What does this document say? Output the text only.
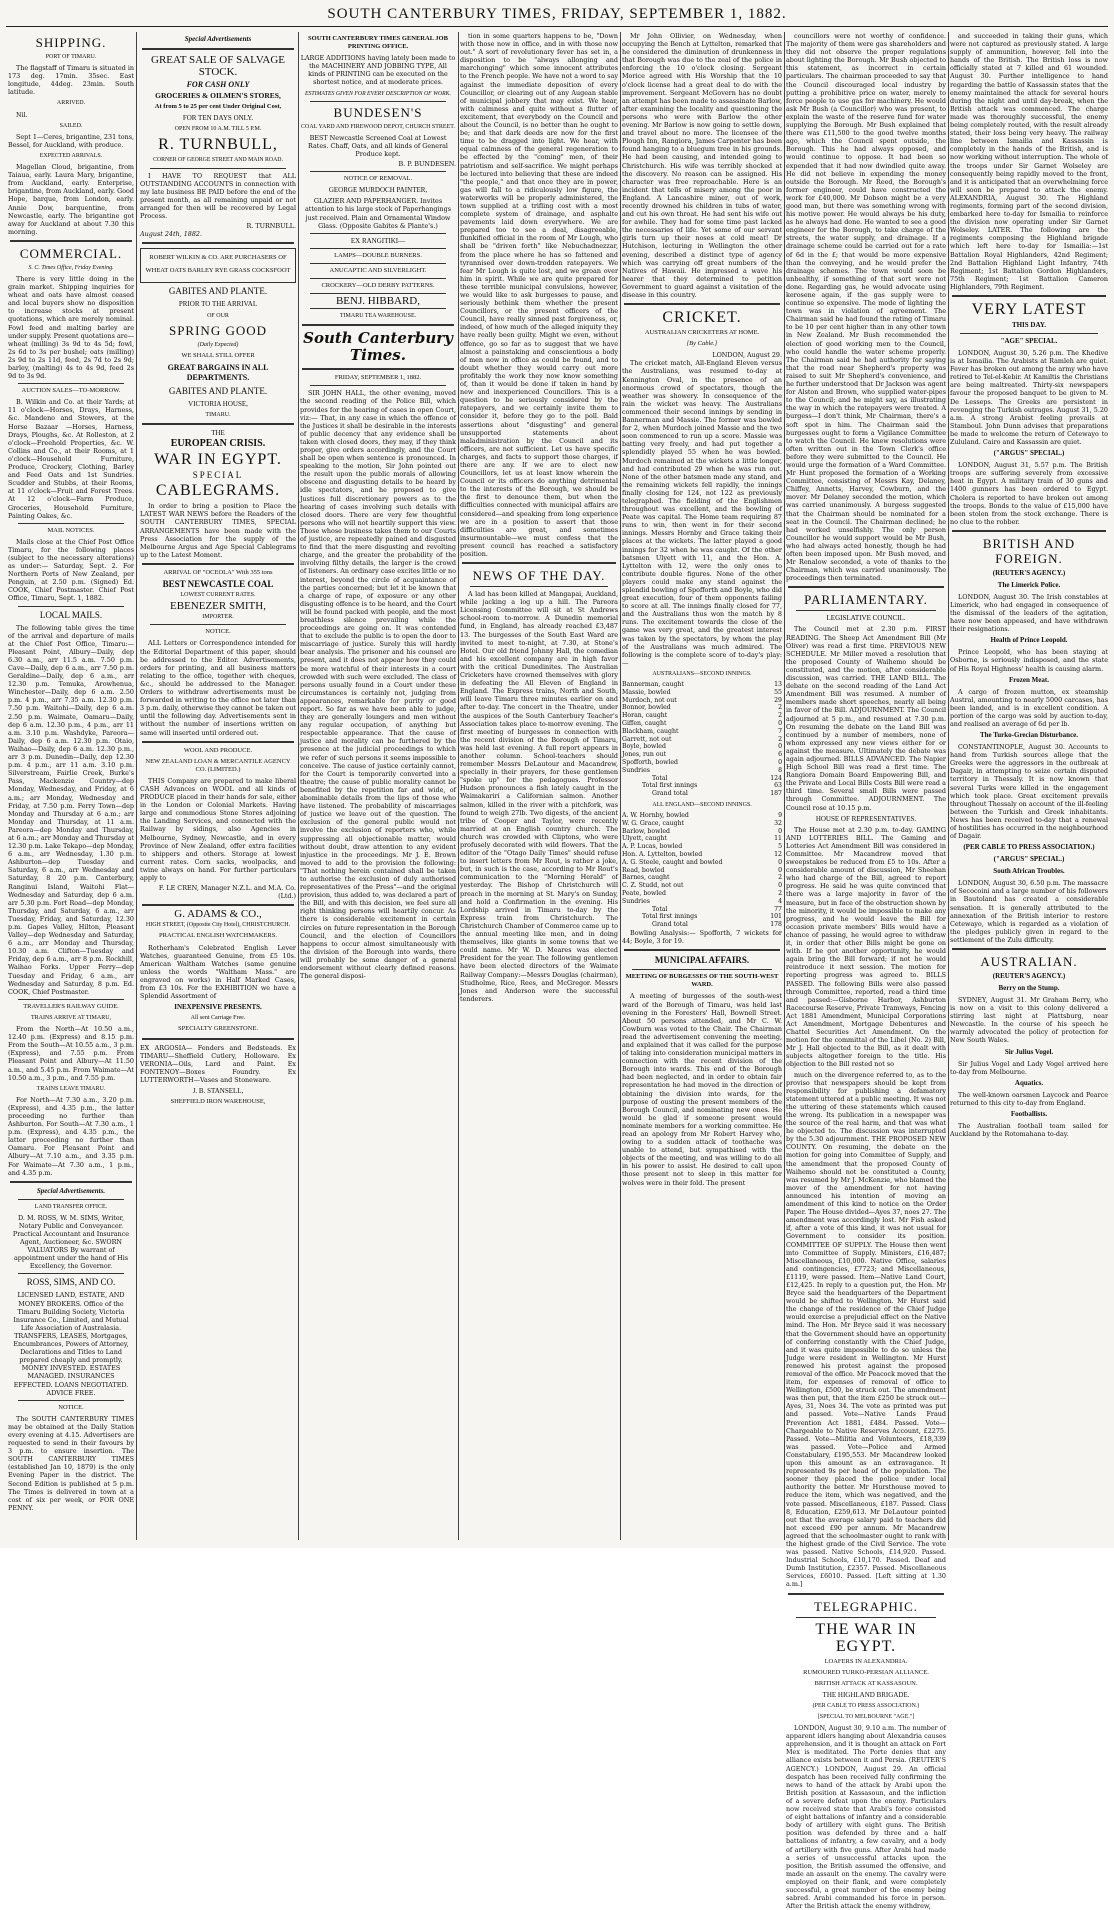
SOUTH CANTERBURY TIMES, FRIDAY, SEPTEMBER 1, 1882.
SHIPPING.
PORT OF TIMARU.

The flagstaff of Timaru is situated in 173 deg. 17min. 35sec. East longitude, 44deg. 23min. South latitude.

ARRIVED.

Nil.

SAILED.

Sept 1—Ceres, brigantine, 231 tons, Bessel, for Auckland, with produce.

EXPECTED ARRIVALS.

Magellan Cloud, brigantine, from Taiaua, early. Laura Mary, brigantine, from Auckland, early. Enterprise, brigantine, from Auckland, early. Good Hope, barque, from London, early. Annie Dow, barquentine, from Newcastle, early. The brigantine got away for Auckland at about 7.30 this morning.

COMMERCIAL.
S. C. Times Office, Friday Evening.

There is very little doing in the grain market. Shipping inquiries for wheat and oats have almost ceased and local buyers show no disposition to increase stocks at present quotations, which are merely nominal. Fowl feed and malting barley are under supply. Present quotations are—wheat (milling) 3s 9d to 4s 5d; fowl, 2s 6d to 3s per bushel; oats (milling) 2s 9d to 2s 11d, feed, 2s 7d to 2s 9d; barley, (malting) 4s to 4s 9d, feed 2s 9d to 3s 9d.

AUCTION SALES—TO-MORROW.

B. Wilkin and Co. at their Yards; at 11 o'clock—Horses, Drays, Harness, &c. Mandeno and Stowers, at the Horse Bazaar —Horses, Harness, Drays, Ploughs, &c. At Rolleston, at 2 o'clock—Freehold Properties, &c. W. Collins and Co., at their Rooms, at 1 o'clock—Household Furniture, Produce, Crockery, Clothing, Barley and Feed Oats and 1st Sundries. Scudder and Stubbs, at their Rooms, at 11 o'clock—Fruit and Forest Trees. At 12 o'clock—Farm Produce, Groceries, Household Furniture, Painting Oakes, &c.

MAIL NOTICES.

Mails close at the Chief Post Office Timaru, for the following places (subject to the necessary alterations) as under:— Saturday, Sept. 2. For Northern Ports of New Zealand, per Penguin, at 2.50 p.m. (Signed) Ed. COOK, Chief Postmaster. Chief Post Office, Timaru, Sept. 1, 1882.

LOCAL MAILS.

The following table gives the time of the arrival and departure of mails at the Chief Post Office, Timaru:— Pleasant Point, Albury—Daily, dep 6.30 a.m., arr 11.5 a.m. 7.50 p.m. Cave—Daily, dep 6 a.m., arr 7.50 p.m. Geraldine—Daily, dep 6 a.m., arr 12.30 p.m. Temuka, Arowhenua, Winchester—Daily, dep 6 a.m. 2.50 p.m. 4 p.m., arr 7.35 a.m. 12.30 p.m. 7.50 p.m. Waitohi—Daily, dep 6 a.m. 2.50 p.m. Waimate, Oamaru—Daily, dep 6 a.m. 12.30 p.m., 4 p.m., arr 11 a.m. 3.10 p.m. Washdyke, Pareora—Daily, dep 6 a.m. 12.30 p.m. Otaio, Waihao—Daily, dep 6 a.m. 12.30 p.m., arr 3 p.m. Dunedin—Daily, dep 12.30 p.m. 4 p.m., arr 11 a.m. 3.10 p.m. Silverstream, Fairlie Creek, Burke's Pass, Mackenzie Country—dep Monday, Wednesday, and Friday, at 6 a.m.; arr Monday, Wednesday and Friday, at 7.50 p.m. Ferry Town—dep Monday and Thursday at 6 a.m.; arr Monday and Thursday, at 11 a.m. Pareora—dep Monday and Thursday, at 6 a.m.; arr Monday and Thursday at 12.30 p.m. Lake Tekapo—dep Monday, 6 a.m., arr Wednesday, 1.30 p.m. Ashburton—dep Tuesday and Saturday, 6 a.m., arr Wednesday and Saturday, 8 20 p.m. Canterbury, Ranginui Island, Waitohi Flat—Wednesday and Saturday, dep 6 a.m. arr 5.30 p.m. Fort Road—dep Monday, Thursday, and Saturday, 6 a.m., arr Tuesday, Friday, and Saturday, 12.30 p.m. Gapes Valley, Hilton, Pleasant Valley—dep Wednesday and Saturday, 6 a.m., arr Monday and Thursday, 10.30 a.m. Clifton—Tuesday and Friday, dep 6 a.m., arr 8 p.m. Rockhill, Waihao Forks. Upper Ferry—dep Tuesday and Friday, 6 a.m., arr Wednesday and Saturday, 8 p.m. Ed. COOK, Chief Postmaster.

TRAVELLER'S RAILWAY GUIDE.
TRAINS ARRIVE AT TIMARU,

From the North—At 10.50 a.m., 12.40 p.m. (Express) and 8.15 p.m. From the South—At 10.55 a.m., 3 p.m. (Express), and 7.55 p.m. From Pleasant Point and Albury—At 11.50 a.m., and 5.45 p.m. From Waimate—At 10.50 a.m., 3 p.m., and 7.55 p.m.

TRAINS LEAVE TIMARU.

For North—At 7.30 a.m., 3.20 p.m. (Express), and 4.35 p.m., the latter proceeding no further than Ashburton. For South—At 7.30 a.m., 1 p.m. (Express), and 4.35 p.m., the latter proceeding no further than Oamaru. For Pleasant Point and Albury—At 7.10 a.m., and 3.35 p.m. For Waimate—At 7.30 a.m., 1 p.m., and 4.35 p.m.

Special Advertisements.
LAND TRANSFER OFFICE.

D. M. ROSS, W. M. SIMS, Writer, Notary Public and Conveyancer. Practical Accountant and Insurance Agent, Auctioneer, &c. SWORN VALUATORS By warrant of appointment under the hand of His Excellency, the Governor.

ROSS, SIMS, AND CO.

LICENSED LAND, ESTATE, AND MONEY BROKERS. Office of the Timaru Building Society, Victoria Insurance Co., Limited, and Mutual Life Association of Australasia. TRANSFERS, LEASES, Mortgages, Encumbrances, Powers of Attorney, Declarations and Titles to Land prepared cheaply and promptly. MONEY INVESTED. ESTATES MANAGED. INSURANCES EFFECTED. LOANS NEGOTIATED. ADVICE FREE.

NOTICE.

The SOUTH CANTERBURY TIMES may be obtained at the Daily Station every evening at 4.15. Advertisers are requested to send in their favours by 3 p.m. to ensure insertion. The SOUTH CANTERBURY TIMES (established Jan 10, 1879) is the only Evening Paper in the district. The Second Edition is published at 5 p.m. The Times is delivered in town at a cost of six per week, or FOR ONE PENNY.

Special Advertisements
GREAT SALE OF SALVAGE STOCK.
FOR CASH ONLY
GROCERIES & OILMEN'S STORES,
At from 5 to 25 per cent Under Original Cost,
FOR TEN DAYS ONLY.
OPEN FROM 10 A.M. TILL 5 P.M.
R. TURNBULL,
CORNER OF GEORGE STREET AND MAIN ROAD.

I HAVE TO REQUEST that ALL OUTSTANDING ACCOUNTS in connection with my late business BE PAID before the end of the present month, as all remaining unpaid or not arranged for then will be recovered by Legal Process.

R. TURNBULL.
August 24th, 1882.
ROBERT WILKIN & CO. ARE PURCHASERS OF
WHEAT OATS BARLEY RYE GRASS COCKSFOOT
GABITES AND PLANTE.
PRIOR TO THE ARRIVAL
OF OUR
SPRING GOOD
(Daily Expected)
WE SHALL STILL OFFER
GREAT BARGAINS IN ALL DEPARTMENTS.
GABITES AND PLANTE.
VICTORIA HOUSE,
TIMARU.
THE
EUROPEAN CRISIS.
WAR IN EGYPT.
SPECIAL
CABLEGRAMS.

In order to bring a position to Place the LATEST WAR NEWS before the Readers of the SOUTH CANTERBURY TIMES, SPECIAL ARRANGEMENTS have been made with the Press Association for the supply of the Melbourne Argus and Age Special Cablegrams up to the Latest Moment.

ARRIVAL OF "OCEOLA" With 355 tons
BEST NEWCASTLE COAL
LOWEST CURRENT RATES.
EBENEZER SMITH,
IMPORTER.
NOTICE.

ALL Letters or Correspondence intended for the Editorial Department of this paper, should be addressed to the Editor. Advertisements, orders for printing, and all business matters relating to the office, together with cheques, &c., should be addressed to the Manager. Orders to withdraw advertisements must be forwarded in writing to the office not later than 3 p.m. daily, otherwise they cannot be taken out until the following day. Advertisements sent in without the number of insertions written on same will inserted until ordered out.

WOOL AND PRODUCE.
NEW ZEALAND LOAN & MERCANTILE AGENCY CO. (LIMITED.)

THIS Company are prepared to make liberal CASH Advances on WOOL and all kinds of PRODUCE placed in their hands for sale, either in the London or Colonial Markets. Having large and commodious Stone Stores adjoining the Landing Services, and connected with the Railway by sidings, also Agencies in Melbourne, Sydney, Newcastle, and in every Province of New Zealand, offer extra facilities to shippers and others. Storage at lowest current rates. Corn sacks, woolpacks, and twine always on hand. For further particulars apply to

F. LE CREN, Manager N.Z.L. and M.A. Co. (Ltd.)
G. ADAMS & CO.,
HIGH STREET, (Opposite City Hotel), CHRISTCHURCH.
PRACTICAL ENGLISH WATCHMAKERS.

Rotherham's Celebrated English Lever Watches, guaranteed Genuine, from £5 10s. American Waltham Watches (same genuine unless the words "Waltham Mass." are engraved on works) in Half Marked Cases, from £3 10s. For the EXHIBITION we have a Splendid Assortment of

INEXPENSIVE PRESENTS.
All sent Carriage Free.
SPECIALTY GREENSTONE.

EX ARGOSIA— Fenders and Bedsteads. Ex TIMARU—Sheffield Cutlery, Holloware. Ex VERONIA—Oils, Lard and Paint. Ex FONTENOY—Boxes Foundry. Ex LUTTERWORTH—Vases and Stoneware.

J. B. STANSELL,
SHEFFIELD IRON WAREHOUSE,
SOUTH CANTERBURY TIMES GENERAL JOB PRINTING OFFICE.

LARGE ADDITIONS having lately been made to the MACHINERY AND JOBBING TYPE, All kinds of PRINTING can be executed on the shortest notice, and at moderate prices.

ESTIMATES GIVEN FOR EVERY DESCRIPTION OF WORK.
BUNDESEN'S
COAL YARD AND FIREWOOD DEPOT, CHURCH STREET.

BEST Newcastle Screened Coal at Lowest Rates. Chaff, Oats, and all kinds of General Produce kept.

B. P. BUNDESEN.
NOTICE OF REMOVAL.
GEORGE MURDOCH PAINTER,

GLAZIER AND PAPERHANGER. Invites attention to his large stock of Paperhangings just received. Plain and Ornamental Window Glass. (Opposite Gabites & Plante's.)

EX RANGITIKI—
LAMPS—DOUBLE BURNERS.
ANUCAPTIC AND SILVERLIGHT.
CROCKERY—OLD DERBY PATTERNS.
BENJ. HIBBARD,
TIMARU TEA WAREHOUSE.
South Canterbury Times.
FRIDAY, SEPTEMBER 1, 1882.

SIR JOHN HALL, the other evening, moved the second reading of the Police Bill, which provides for the hearing of cases in open Court, viz:— That, in any case in which the offence of the Justices it shall be desirable in the interests of public decency that any evidence shall be taken with closed doors, they may, if they think proper, give orders accordingly, and the Court shall be open when sentence is pronounced. In speaking to the motion, Sir John pointed out the result upon the public morals of allowing obscene and disgusting details to be heard by idle spectators, and he proposed to give Justices full discretionary powers as to the hearing of cases involving such details with closed doors. There are very few thoughtful persons who will not heartily support this view. Those whose business takes them to our Courts of justice, are repeatedly pained and disgusted to find that the mere disgusting and revolting charge, and the greater the probability of the involving filthy details, the larger is the crowd of listeners. An ordinary case excites little or no interest, beyond the circle of acquaintance of the parties concerned; but let it be known that a charge of rape, of exposure or any other disgusting offence is to be heard, and the Court will be found packed with people, and the most breathless silence prevailing while the proceedings are going on. It was contended that to exclude the public is to open the door to miscarriage of justice. Surely this will hardly bear analysis. The prisoner and his counsel are present, and it does not appear how they could be more watchful of their interests in a court crowded with such were excluded. The class of persons usually found in a Court under these circumstances is certainly not, judging from appearances, remarkable for purity or good report. So far as we have been able to judge, they are generally loungers and men without any regular occupation, of anything but respectable appearance. That the cause of justice and morality can be furthered by the presence at the judicial proceedings to which we refer of such persons it seems impossible to conceive. The cause of justice certainly cannot, for the Court is temporarily converted into a theatre; the cause of public morality cannot be benefited by the repetition far and wide, of abominable details from the lips of those who have listened. The probability of miscarriages of justice we leave out of the question. The exclusion of the general public would not involve the exclusion of reporters who, while suppressing all objectionable matter, would without doubt, draw attention to any evident injustice in the proceedings. Mr J. E. Brown moved to add to the provision the following: "That nothing herein contained shall be taken to authorise the exclusion of duly authorised representatives of the Press"—and the original provision, thus added to, was declared a part of the Bill, and with this decision, we feel sure all right thinking persons will heartily concur. As there is considerable excitement in certain circles on future representation in the Borough Council, and the election of Councillors happens to occur almost simultaneously with the division of the Borough into wards, there will probably be some danger of a general endorsement without clearly defined reasons. The general disposi-

tion in some quarters happens to be, "Down with those now in office, and in with those now out." A sort of revolutionary fever has set in, a disposition to be "always allonging and marchonging" which some innocent attributes to the French people. We have not a word to say against the immediate deposition of every Councillor, or clearing out of any Augean stable of municipal jobbery that may exist. We hear, with calmness and quite without a flutter of excitement, that everybody on the Council and about the Council, is no better than he ought to be; and that dark deeds are now for the first time to be dragged into light. We hear, with equal calmness of the general regeneration to be effected by the "coming" men, of their patriotism and self-sacrifice. We might perhaps be lectured into believing that these are indeed "the people," and that once they are in power, gas will fall to a ridiculously low figure, the waterworks will be properly administered, the town supplied at a trifling cost with a most complete system of drainage, and asphalte pavements laid down everywhere. We are prepared too to see a deal, disagreeable, flunkified official in the room of Mr Lough, who shall be "driven forth" like Nebuchadnezzar, from the place where he has so fattened and tyrannised over down-trodden ratepayers. We fear Mr Lough is quite lost, and we groan over him in spirit. While we are quite prepared for these terrible municipal convulsions, however, we would like to ask burgesses to pause, and seriously bethink them whether the present Councillors, or the present officers of the Council, have really sinned past forgiveness, or, indeed, of how much of the alleged iniquity they have really been guilty. Might we even, without offence, go so far as to suggest that we have almost a painstaking and conscientious a body of men now in office as could be found, and to doubt whether they would carry out more profitably the work they now know something of, than it would be done if taken in hand by new and inexperienced Councillors. This is a question to be seriously considered by the ratepayers, and we certainly invite them to consider it, before they go to the poll. Bald assertions about "disgusting" and general unsupported statements about maladministration by the Council and its officers, are not sufficient. Let us have specific charges, and facts to support those charges, if there are any. If we are to elect new Councillors, let us at least know wherein the Council or its officers do anything detrimental to the interests of the Borough, we should be the first to denounce them, but when the difficulties connected with municipal affairs are considered—and speaking from long experience we are in a position to assert that those difficulties are great, and sometimes insurmountable—we must confess that the present council has reached a satisfactory position.

NEWS OF THE DAY.

A lad has been killed at Mangapai, Auckland, while jacking a log up a hill. The Pareora Licensing Committee will sit at St Andrews school-room to-morrow. A Dunedin memorial fund, in England, has already reached £3,487 13. The burgesses of the South East Ward are invited to meet to-night, at 7.30, at Stone's Hotel. Our old friend Johnny Hall, the comedian and his excellent company are in high favor with the critical Dunedinites. The Australian Cricketers have crowned themselves with glory in defeating the All Eleven of England in England. The Express trains, North and South, will leave Timaru three minutes earlier on and after to-day. The concert in the Theatre, under the auspices of the South Canterbury Teacher's Association takes place to-morrow evening. The first meeting of burgesses in connection with the recent division of the Borough of Timaru, was held last evening. A full report appears in another column. School-teachers should remember Messrs DeLautour and Macandrew, specially in their prayers, for these gentlemen "spoke up" for the pedagogues. Professor Hudson pronounces a fish lately caught in the Waimakariri a Californian salmon. Another salmon, killed in the river with a pitchfork, was found to weigh 27lb. Two digests, of the ancient tribe of Cooper and Taylor, were recently married at an English country church. The church was crowded with Cliptons, who were profusely decorated with wild flowers. That the editor of the "Otago Daily Times" should refuse to insert letters from Mr Rout, is rather a joke, but, in such is the case, according to Mr Rout's communication to the "Morning Herald" of yesterday. The Bishop of Christchurch will preach in the morning at St. Mary's on Sunday, and hold a Confirmation in the evening. His Lordship arrived in Timaru to-day by the Express train from Christchurch. The Christchurch Chamber of Commerce came up to the annual meeting like men, and in doing themselves, like giants in some towns that we could name. Mr W. D. Meares was elected President for the year. The following gentlemen have been elected directors of the Waimate Railway Company:—Messrs Douglas (chairman), Studholme, Rice, Rees, and McGregor. Messrs Jones and Anderson were the successful tenderers.

Mr John Ollivier, on Wednesday, when occupying the Bench at Lyttelton, remarked that he considered the diminution of drunkenness in that Borough was due to the zeal of the police in enforcing the 10 o'clock closing. Sergeant Morice agreed with His Worship that the 10 o'clock license had a great deal to do with the improvement. Sergeant McGovern has no doubt an attempt has been made to assassinate Barlow, after examining the locality and questioning the persons who were with Barlow the other evening. Mr Barlow is now going to settle down, and travel about no more. The licensee of the Plough Inn, Rangiora, James Carpenter has been found hanging to a bluegum tree in his grounds. He had been causing, and intended going to Christchurch. His wife was terribly shocked at the discovery. No reason can be assigned. His character was free reproachable. Here is an incident that tells of misery among the poor in England. A Lancashire miner, out of work, recently drowned his children in tubs of water, and cut his own throat. He had sent his wife out for awhile. They had for some time past lacked the necessaries of life. Yet some of our servant girls turn up their noses at cold meat! Dr Hutchison, lecturing in Wellington the other evening, described a distinct type of agency which was carrying off great numbers of the Natives of Hawaii. He impressed a wave his hearer that they determined to petition Government to guard against a visitation of the disease in this country.

CRICKET.
AUSTRALIAN CRICKETERS AT HOME.
[By Cable.]
LONDON, August 29.

The cricket match, All-England Eleven versus the Australians, was resumed to-day at Kennington Oval, in the presence of an enormous crowd of spectators, though the weather was showery. In consequence of the rain the wicket was heavy. The Australians commenced their second innings by sending in Bannerman and Massie. The former was bowled for 2, when Murdoch joined Massie and the two soon commenced to run up a score. Massie was batting very freely, and had put together a splendidly played 55 when he was bowled. Murdoch remained at the wickets a little longer, and had contributed 29 when he was run out. None of the other batsmen made any stand, and the remaining wickets fell rapidly, the innings finally closing for 124, not 122 as previously telegraphed. The fielding of the Englishmen throughout was excellent, and the bowling of Peate was capital. The Home team requiring 87 runs to win, then went in for their second innings. Messrs Hornby and Grace taking their places at the wickets. The latter played a good innings for 32 when he was caught. Of the other batsmen Ulyett with 11, and the Hon. A. Lyttelton with 12, were the only ones to contribute double figures. None of the other players could make any stand against the splendid bowling of Spofforth and Boyle, who did great execution, four of them opponents failing to score at all. The innings finally closed for 77, and the Australians thus won the match by 8 runs. The excitement towards the close of the game was very great, and the greatest interest was taken by the spectators, by whom the play of the Australians was much admired. The following is the complete score of to-day's play:—

AUSTRALIANS—SECOND INNINGS.
Bannerman, caught	13
Massie, bowled	55
Murdoch, not out	29
Bonnor, bowled	2
Horan, caught	2
Giffen, caught	0
Blackham, caught	7
Garrett, not out	2
Boyle, bowled	0
Jones, run out	6
Spofforth, bowled	0
Sundries	8
Total	124
Total first innings	63
Grand total	187
ALL ENGLAND—SECOND INNINGS.
A. W. Hornby, bowled	9
W. G. Grace, caught	32
Barlow, bowled	0
Ulyett, caught	11
A. P. Lucas, bowled	5
Hon. A. Lyttelton, bowled	12
A. G. Steele, caught and bowled	0
Read, bowled	0
Barnes, caught	2
C. Z. Studd, not out	0
Peate, bowled	2
Sundries	4
Total	77
Total first innings	101
Grand total	178

Bowling Analysis:— Spofforth, 7 wickets for 44; Boyle, 3 for 19.

MUNICIPAL AFFAIRS.
MEETING OF BURGESSES OF THE SOUTH-WEST WARD.

A meeting of burgesses of the south-west ward of the Borough of Timaru, was held last evening in the Foresters' Hall, Bownell Street. About 50 persons attended, and Mr C. W. Cowburn was voted to the Chair. The Chairman read the advertisement convening the meeting, and explained that it was called for the purpose of taking into consideration municipal matters in connection with the recent division of the Borough into wards. This end of the Borough had been neglected, and in order to obtain fair representation he had moved in the direction of obtaining the division into wards, for the purpose of ousting the present members of the Borough Council, and nominating new ones. He would be glad if someone present would nominate members for a working committee. He read an apology from Mr Robert Harvey who, owing to a sudden attack of toothache was unable to attend, but sympathised with the objects of the meeting, and was willing to do all in his power to assist. He desired to call upon those present not to sleep in this matter for wolves were in their fold. The present

councillors were not worthy of confidence. The majority of them were gas shareholders and they did not observe the proper regulations about lighting the Borough. Mr Bush objected to this statement, as incorrect in certain particulars. The chairman proceeded to say that the Council discouraged local industry by putting a prohibitive price on water, merely to force people to use gas for machinery. He would ask Mr Bush (a Councillor) who was present, to explain the waste of the reserve fund for water supplying the Borough. Mr Bush explained that there was £11,500 to the good twelve months ago, which the Council spent outside, the Borough. This he had always opposed, and would continue to oppose. It had been so expended that it had now dwindled quite away. He did not believe in expending the money outside the Borough. Mr Reed, the Borough's former engineer, could have constructed the work for £40,000. Mr Dobson might be a very good man, but there was something wrong with his motive power. He would always be his duty, as he always had done. He wanted to see a good engineer for the Borough, to take charge of the streets, the water supply, and drainage. If a drainage scheme could be carried out for a rate of 6d in the £; that would be more expensive than the conveying, and he would prefer the drainage schemes. The town would soon be unhealthy, if something of that sort were not done. Regarding gas, he would advocate using kerosene again, if the gas supply were to continue so expensive. The mode of lighting the town was in violation of agreement. The Chairman said he had found the rating of Timaru to be 10 per cent higher than in any other town in New Zealand. Mr Bush recommended the election of good working men to the Council, who could handle the water scheme properly. The Chairman said he had authority for saying that the road near Shepherd's property was raised to suit Mr Shepherd's convenience, and he further understood that Dr Jackson was agent for Alston and Brown, who supplied water-pipes to the Council; and he might say, as illustrating the way in which the ratepayers were treated. A burgess—I don't think, Mr Chairman, there's a soft spot in him. The Chairman said the burgesses ought to form a Vigilance Committee to watch the Council. He knew resolutions were often written out in the Town Clerk's office before they were submitted to the Council. He would urge the formation of a Ward Committee. Mr Hunt proposed the formation of a Working Committee, consisting of Messrs Kay, Delaney, Chiffey, Annetts, Harvey, Cowburn, and the mover. Mr Delaney seconded the motion, which was carried unanimously. A burgess suggested that the Chairman should be nominated for a seat in the Council. The Chairman declined; he had worked unselfishly. The only person Councillor he would support would be Mr Bush, who had always acted honestly, though he had often been imposed upon. Mr Bush moved, and Mr Renalow seconded, a vote of thanks to the Chairman, which was carried unanimously. The proceedings then terminated.

PARLIAMENTARY.
LEGISLATIVE COUNCIL.

The Council met at 2.30 p.m. FIRST READING. The Sheep Act Amendment Bill (Mr Oliver) was read a first time. PREVIOUS NEW SCHEDULE. Mr Miller moved a resolution that the proposed County of Waihemo should be constituted, and the motion, after considerable discussion, was carried. THE LAND BILL. The debate on the second reading of the Land Act Amendment Bill was resumed. A number of members made short speeches, nearly all being in favor of the Bill. ADJOURNMENT. The Council adjourned at 5 p.m., and resumed at 7.30 p.m. On resuming the debate on the Land Bill was continued by a number of members, none of whom expressed any new views either for or against the measure. Ultimately the debate was again adjourned. BILLS ADVANCED. The Napier High School Bill was read a first time. The Rangiora Domain Board Empowering Bill, and the Private and Local Bills Costs Bill were read a third time. Several small Bills were passed through Committee. ADJOURNMENT. The Council rose at 10.15 p.m.

HOUSE OF REPRESENTATIVES.

The House met at 2.30 p.m. to-day. GAMING AND LOTTERIES BILL. The Gaming and Lotteries Act Amendment Bill was considered in Committee. Mr Macandrew moved that sweepstakes be reduced from £5 to 10s. After a considerable amount of discussion, Mr Sheehan who had charge of the Bill, agreed to report progress. He said he was quite convinced that there was a large majority in favor of the measure, but in face of the obstruction shown by the minority, it would be impossible to make any progress, and he would leave the Bill for occasion private members' Bills would have a chance of passing, he would agree to withdraw it, in order that other Bills might be gone on with. If he got another opportunity, he would again bring the Bill forward; if not he would reintroduce it next session. The motion for reporting progress was agreed to. BILLS PASSED. The following Bills were also passed through Committee, reported, read a third time and passed:—Gisborne Harbor, Ashburton Racecourse Reserve, Private Tramways, Fencing Act 1881 Amendment, Municipal Corporations Act Amendment, Mortgage Debentures and Chattel Securities Act Amendment. On the motion for the committal of the Libel (No. 2) Bill, Mr J. Hall objected to the Bill, as it dealt with subjects altogether foreign to the title. His objection to the Bill rested not so

much on the divergence referred to, as to the proviso that newspapers should be kept from responsibility for publishing a defamatory statement uttered at a public meeting. It was not the uttering of these statements which caused the wrong. Its publication in a newspaper was the source of the real harm, and that was what he objected to. The discussion was interrupted by the 5.30 adjournment. THE PROPOSED NEW COUNTY. On resuming, the debate on the motion for going into Committee of Supply, and the amendment that the proposed County of Waihemo should not be constituted a County, was resumed by Mr J. McKenzie, who blamed the mover of the amendment for not having announced his intention of moving an amendment of this kind to notice on the Order Paper. The House divided—Ayes 37, noes 27. The amendment was accordingly lost. Mr Fish asked if, after a vote of this kind, it was not usual for Government to consider its position. COMMITTEE OF SUPPLY. The House then went into Committee of Supply. Ministers, £16,487; Miscellaneous, £10,000. Native Office, salaries and contingencies, £7723; and Miscellaneous, £1119, were passed. Item—Native Land Court, £12,425. In reply to a question put, the Hon. Mr Bryce said the headquarters of the Department would be shifted to Wellington. Mr Hurst said the change of the residence of the Chief Judge would exercise a prejudicial effect on the Native mind. The Hon. Mr Bryce said it was necessary that the Government should have an opportunity of conferring constantly with the Chief Judge, and it was quite impossible to do so unless the Judge were resident in Wellington. Mr Hurst renewed his protest against the proposed removal of the office. Mr Peacock moved that the item, for expenses of removal of office to Wellington, £500, be struck out. The amendment was then put, that the item £250 be struck out—Ayes, 31, Noes 34. The vote as printed was put and passed. Vote—Native Lands Fraud Prevention Act 1881, £484. Passed. Vote—Chargeable to Native Reserves Account, £2275. Passed. Vote—Militia and Volunteers, £18,339 was passed. Vote—Police and Armed Constabulary, £195,553. Mr Macandrew looked upon this amount as an extravagance. It represented 9s per head of the population. The sooner they placed the police under local authority the better. Mr Hursthouse moved to reduce the item, which was negatived, and the vote passed. Miscellaneous, £187. Passed. Class 8, Education, £259,613. Mr DeLautour pointed out that the average salary paid to teachers did not exceed £90 per annum. Mr Macandrew agreed that the schoolmaster ought to rank with the highest grade of the Civil Service. The vote was passed. Native Schools, £14,920. Passed. Industrial Schools, £10,170. Passed. Deaf and Dumb Institution, £2357. Passed. Miscellaneous Services, £6010. Passed. [Left sitting at 1.30 a.m.]

TELEGRAPHIC.
THE WAR IN EGYPT.
LOAFERS IN ALEXANDRIA.
RUMOURED TURKO-PERSIAN ALLIANCE.
BRITISH ATTACK AT KASSASOUN.
THE HIGHLAND BRIGADE.
(PER CABLE TO PRESS ASSOCIATION.)
[SPECIAL TO MELBOURNE "AGE."]

LONDON, August 30, 9.10 a.m. The number of apparent idlers hanging about Alexandria causes apprehension, and it is thought an attack on Fort Mex is meditated. The Porte denies that any alliance exists between it and Persia. (REUTER'S AGENCY.) LONDON, August 29. An official despatch has been received fully confirming the news to hand of the attack by Arabi upon the British position at Kassasoun, and the infliction of a severe defeat upon the enemy. Particulars now received state that Arabi's force consisted of eight battalions of infantry and a considerable body of artillery with eight guns. The British position was defended by three and a half battalions of infantry, a few cavalry, and a body of artillery with five guns. After Arabi had made a series of unsuccessful attacks upon the position, the British assumed the offensive, and made an assault on the enemy. The cavalry were employed on their flank, and were completely successful, a great number of the enemy being sabred. Arabi commanded his force in person. After the British attack the enemy withdrew,

and succeeded in taking their guns, which were not captured as previously stated. A large supply of ammunition, however, fell into the hands of the British. The British loss is now officially stated at 7 killed and 61 wounded. August 30. Further intelligence to hand regarding the battle of Kassassin states that the enemy maintained the attack for several hours during the night and until day-break, when the British attack was commenced. The charge made was thoroughly successful, the enemy being completely routed, with the result already stated, their loss being very heavy. The railway line between Ismailia and Kassassin is completely in the hands of the British, and is now working without interruption. The whole of the troops under Sir Garnet Wolseley are consequently being rapidly moved to the front, and it is anticipated that an overwhelming force will soon be prepared to attack the enemy. ALEXANDRIA, August 30. The Highland regiments, forming part of the second division, embarked here to-day for Ismailia to reinforce the division now operating under Sir Garnet Wolseley. LATER. The following are the regiments composing the Highland brigade which left here to-day for Ismailia:—1st Battalion Royal Highlanders, 42nd Regiment; 2nd Battalion Highland Light Infantry, 74th Regiment; 1st Battalion Gordon Highlanders, 75th Regiment; 1st Battalion Cameron Highlanders, 79th Regiment.

VERY LATEST
THIS DAY.
"AGE" SPECIAL.

LONDON, August 30, 5.26 p.m. The Khedive is at Ismailia. The Arabists at Ramleh are quiet. Fever has broken out among the army who have retired to Tel-el-Kebir. At Kamiltis the Christians are being maltreated. Thirty-six newspapers favour the proposed banquet to be given to M. De Lesseps. The Greeks are persistent in revenging the Turkish outrages. August 31, 5.20 a.m. A strong Arabist feeling prevails at Stamboul. John Dunn advises that preparations be made to welcome the return of Cetewayo to Zululand. Cairo and Kassassin are quiet.

("ARGUS" SPECIAL.)

LONDON, August 31, 5.57 p.m. The British troops are suffering severely from excessive heat in Egypt. A military train of 30 guns and 1400 gunners has been ordered to Egypt. Cholera is reported to have broken out among the troops. Bonds to the value of £15,000 have been stolen from the stock exchange. There is no clue to the robber.

BRITISH AND FOREIGN.
(REUTER'S AGENCY.)
The Limerick Police.

LONDON, August 30. The Irish constables at Limerick, who had engaged in consequence of the dismissal of the leaders of the agitation, have now been appeased, and have withdrawn their resignations.

Health of Prince Leopold.

Prince Leopold, who has been staying at Osborne, is seriously indisposed, and the state of His Royal Highness' health is causing alarm.

Frozen Meat.

A cargo of frozen mutton, ex steamship Austral, amounting to nearly 5000 carcases, has been landed, and is in excellent condition. A portion of the cargo was sold by auction to-day, and realised an average of 6d per lb.

The Turko-Grecian Disturbance.

CONSTANTINOPLE, August 30. Accounts to hand from Turkish sources allege that the Greeks were the aggressors in the outbreak at Dagair, in attempting to seize certain disputed territory in Thessaly. It is now known that several Turks were killed in the engagement which took place. Great excitement prevails throughout Thessaly on account of the ill-feeling between the Turkish and Greek inhabitants. News has been received to-day that a renewal of hostilities has occurred in the neighbourhood of Dagair.

(PER CABLE TO PRESS ASSOCIATION.)
("ARGUS" SPECIAL.)
South African Troubles.

LONDON, August 30, 6.50 p.m. The massacre of Secocoini and a large number of his followers in Bautoland has created a considerable sensation. It is generally attributed to the annexation of the British interior to restore Cetewayo, which is regarded as a violation of the pledges publicly given in regard to the settlement of the Zulu difficulty.

AUSTRALIAN.
(REUTER'S AGENCY.)
Berry on the Stump.

SYDNEY, August 31. Mr Graham Berry, who is now on a visit to this colony delivered a stirring last night at Plattsburg, near Newcastle. In the course of his speech he warmly advocated the policy of protection for New South Wales.

Sir Julius Vogel.

Sir Julius Vogel and Lady Vogel arrived here to-day from Melbourne.

Aquatics.

The well-known oarsmen Laycock and Pearce returned to this city to-day from England.

Footballists.

The Australian football team sailed for Auckland by the Rotomahana to-day.
